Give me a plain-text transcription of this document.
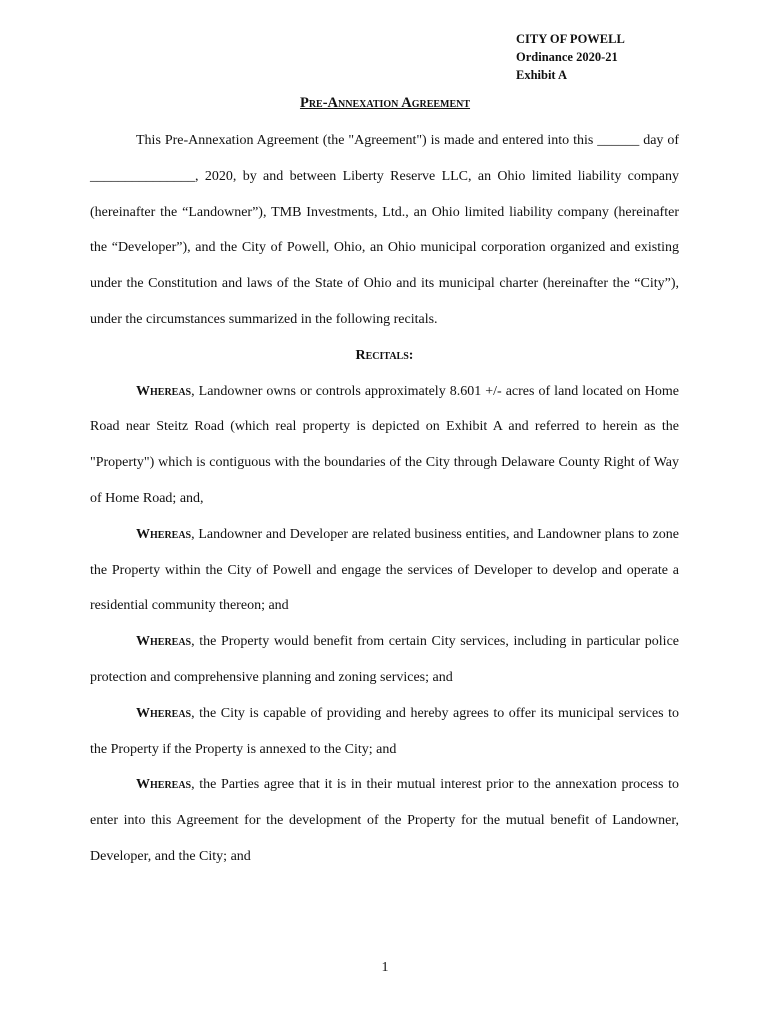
CITY OF POWELL
Ordinance 2020-21
Exhibit A
Pre-Annexation Agreement

This Pre-Annexation Agreement (the "Agreement") is made and entered into this ______ day of _______________, 2020, by and between Liberty Reserve LLC, an Ohio limited liability company (hereinafter the “Landowner”), TMB Investments, Ltd., an Ohio limited liability company (hereinafter the “Developer”), and the City of Powell, Ohio, an Ohio municipal corporation organized and existing under the Constitution and laws of the State of Ohio and its municipal charter (hereinafter the “City”), under the circumstances summarized in the following recitals.

Recitals:

Whereas, Landowner owns or controls approximately 8.601 +/- acres of land located on Home Road near Steitz Road (which real property is depicted on Exhibit A and referred to herein as the "Property") which is contiguous with the boundaries of the City through Delaware County Right of Way of Home Road; and,

Whereas, Landowner and Developer are related business entities, and Landowner plans to zone the Property within the City of Powell and engage the services of Developer to develop and operate a residential community thereon; and

Whereas, the Property would benefit from certain City services, including in particular police protection and comprehensive planning and zoning services; and

Whereas, the City is capable of providing and hereby agrees to offer its municipal services to the Property if the Property is annexed to the City; and

Whereas, the Parties agree that it is in their mutual interest prior to the annexation process to enter into this Agreement for the development of the Property for the mutual benefit of Landowner, Developer, and the City; and

1
